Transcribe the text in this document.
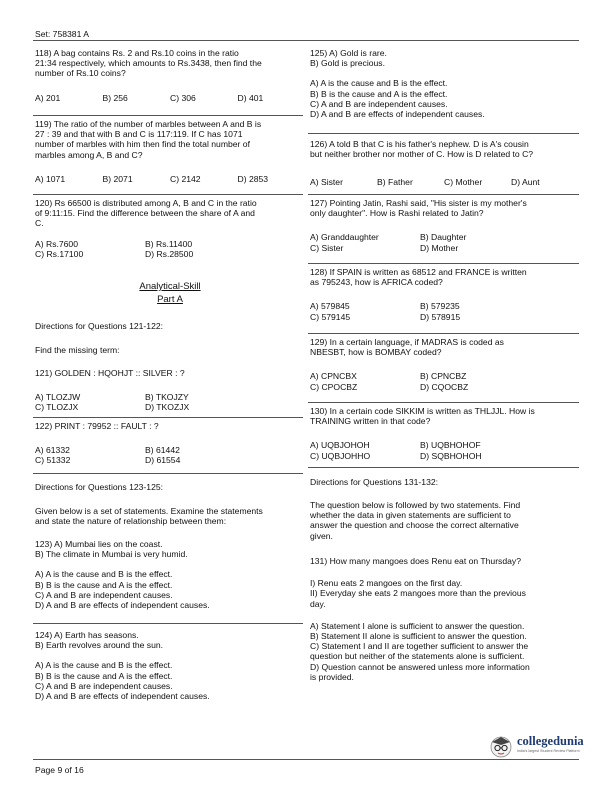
Set: 758381 A
118) A bag contains Rs. 2 and Rs.10 coins in the ratio
21:34 respectively, which amounts to Rs.3438, then find the
number of Rs.10 coins?
A) 201	B) 256	C) 306	D) 401
119) The ratio of the number of marbles between A and B is
27 : 39 and that with B and C is 117:119. If C has 1071
number of marbles with him then find the total number of
marbles among A, B and C?
A) 1071	B) 2071	C) 2142	D) 2853
120) Rs 66500 is distributed among A, B and C in the ratio
of 9:11:15. Find the difference between the share of A and
C.
A) Rs.7600	B) Rs.11400
C) Rs.17100	D) Rs.28500
Analytical-Skill
Part A
Directions for Questions 121-122:
Find the missing term:
121) GOLDEN : HQOHJT :: SILVER : ?
A) TLOZJW	B) TKOJZY
C) TLOZJX	D) TKOZJX
122) PRINT : 79952 :: FAULT : ?
A) 61332	B) 61442
C) 51332	D) 61554
Directions for Questions 123-125:
Given below is a set of statements. Examine the statements
and state the nature of relationship between them:
123) A) Mumbai lies on the coast.
B) The climate in Mumbai is very humid.
A) A is the cause and B is the effect.
B) B is the cause and A is the effect.
C) A and B are independent causes.
D) A and B are effects of independent causes.
124) A) Earth has seasons.
B) Earth revolves around the sun.
A) A is the cause and B is the effect.
B) B is the cause and A is the effect.
C) A and B are independent causes.
D) A and B are effects of independent causes.
125) A) Gold is rare.
B) Gold is precious.
A) A is the cause and B is the effect.
B) B is the cause and A is the effect.
C) A and B are independent causes.
D) A and B are effects of independent causes.
126) A told B that C is his father's nephew. D is A's cousin
but neither brother nor mother of C. How is D related to C?
A) Sister	B) Father	C) Mother	D) Aunt
127) Pointing Jatin, Rashi said, "His sister is my mother's
only daughter". How is Rashi related to Jatin?
A) Granddaughter	B) Daughter
C) Sister	D) Mother
128) If SPAIN is written as 68512 and FRANCE is written
as 795243, how is AFRICA coded?
A) 579845	B) 579235
C) 579145	D) 578915
129) In a certain language, if MADRAS is coded as
NBESBT, how is BOMBAY coded?
A) CPNCBX	B) CPNCBZ
C) CPOCBZ	D) CQOCBZ
130) In a certain code SIKKIM is written as THLJJL. How is
TRAINING written in that code?
A) UQBJOHOH	B) UQBHOHOF
C) UQBJOHHO	D) SQBHOHOH
Directions for Questions 131-132:
The question below is followed by two statements. Find
whether the data in given statements are sufficient to
answer the question and choose the correct alternative
given.
131) How many mangoes does Renu eat on Thursday?
I) Renu eats 2 mangoes on the first day.
II) Everyday she eats 2 mangoes more than the previous
day.
A) Statement I alone is sufficient to answer the question.
B) Statement II alone is sufficient to answer the question.
C) Statement I and II are together sufficient to answer the
question but neither of the statements alone is sufficient.
D) Question cannot be answered unless more information
is provided.
collegedunia
India's largest Student Review Platform
Page 9 of 16
